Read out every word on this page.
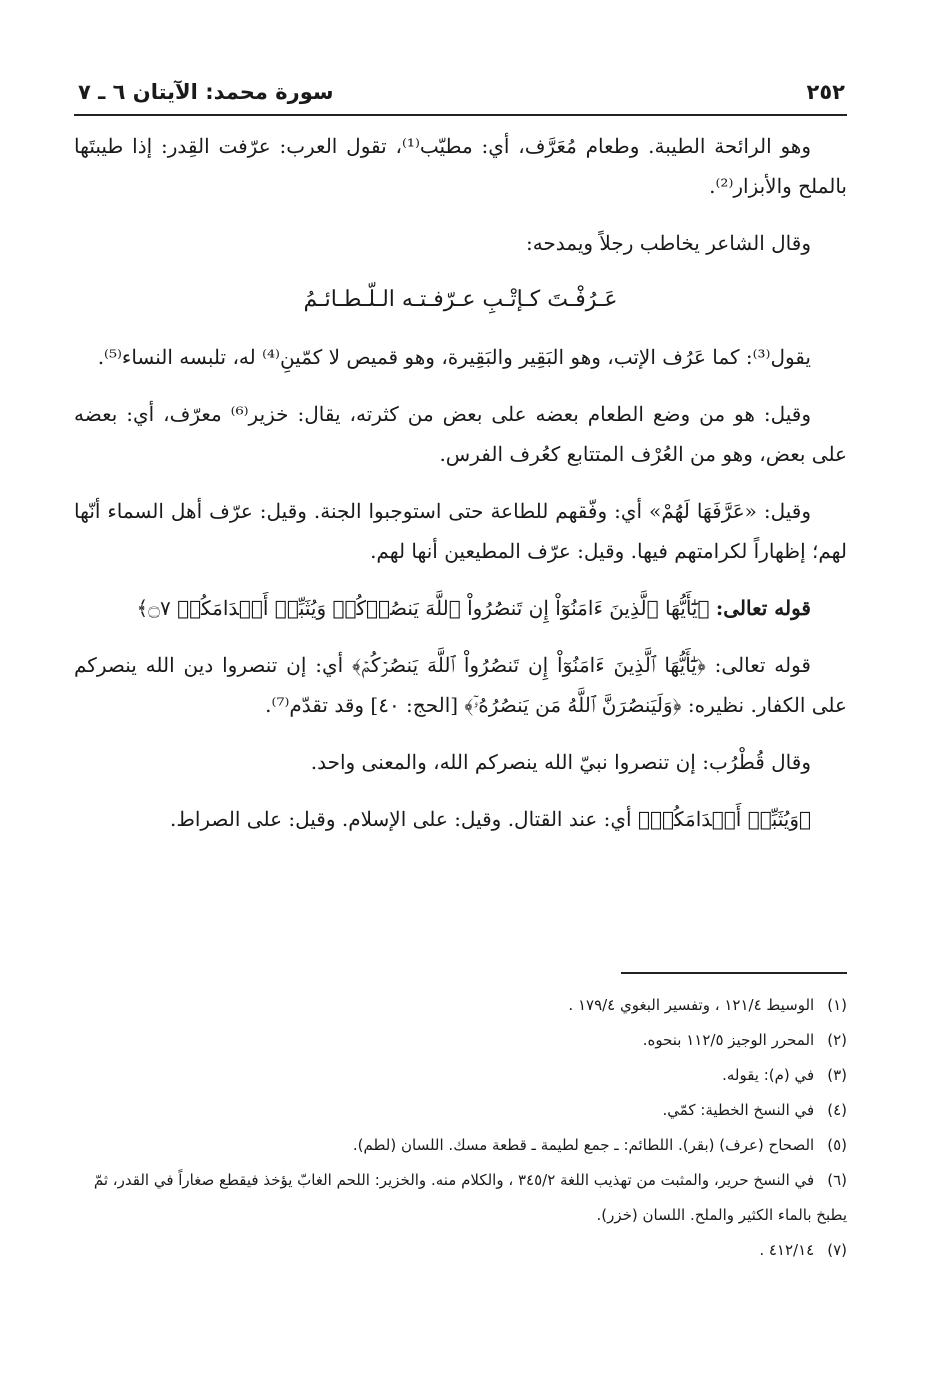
٢٥٢
سورة محمد: الآيتان ٦ ـ ٧

وهو الرائحة الطيبة. وطعام مُعَرَّف، أي: مطيّب⁽¹⁾، تقول العرب: عرّفت القِدر: إذا طيبتَها بالملح والأبزار⁽²⁾.

وقال الشاعر يخاطب رجلاً ويمدحه:

عَـرُفْـتَ كـإتْـبِ عـرّفـتـه الـلّـطـائـمُ

يقول⁽³⁾: كما عَرُف الإتب، وهو البَقِير والبَقِيرة، وهو قميص لا كمّينِ⁽⁴⁾ له، تلبسه النساء⁽⁵⁾.

وقيل: هو من وضع الطعام بعضه على بعض من كثرته، يقال: خزير⁽⁶⁾ معرّف، أي: بعضه على بعض، وهو من العُرْف المتتابع كعُرف الفرس.

وقيل: «عَرَّفَهَا لَهُمْ» أي: وفّقهم للطاعة حتى استوجبوا الجنة. وقيل: عرّف أهل السماء أنّها لهم؛ إظهاراً لكرامتهم فيها. وقيل: عرّف المطيعين أنها لهم.

قوله تعالى: ﴿يَٰٓأَيُّهَا ٱلَّذِينَ ءَامَنُوٓاْ إِن تَنصُرُواْ ٱللَّهَ يَنصُرۡكُمۡ وَيُثَبِّتۡ أَقۡدَامَكُمۡ ۝٧﴾

قوله تعالى: ﴿يَٰٓأَيُّهَا ٱلَّذِينَ ءَامَنُوٓاْ إِن تَنصُرُواْ ٱللَّهَ يَنصُرۡكُمۡ﴾ أي: إن تنصروا دين الله ينصركم على الكفار. نظيره: ﴿وَلَيَنصُرَنَّ ٱللَّهُ مَن يَنصُرُهُۥٓ﴾ [الحج: ٤٠] وقد تقدّم⁽⁷⁾.

وقال قُطْرُب: إن تنصروا نبيّ الله ينصركم الله، والمعنى واحد.

﴿وَيُثَبِّتۡ أَقۡدَامَكُمۡ﴾ أي: عند القتال. وقيل: على الإسلام. وقيل: على الصراط.

(١) الوسيط ١٢١/٤ ، وتفسير البغوي ١٧٩/٤ .

(٢) المحرر الوجيز ١١٢/٥ بنحوه.

(٣) في (م): يقوله.

(٤) في النسخ الخطية: كمّي.

(٥) الصحاح (عرف) (بقر). اللطائم: ـ جمع لطيمة ـ قطعة مسك. اللسان (لطم).

(٦) في النسخ حرير، والمثبت من تهذيب اللغة ٣٤٥/٢ ، والكلام منه. والخزير: اللحم الغابّ يؤخذ فيقطع صغاراً في القدر، ثمّ يطبخ بالماء الكثير والملح. اللسان (خزر).

(٧) ٤١٢/١٤ .
